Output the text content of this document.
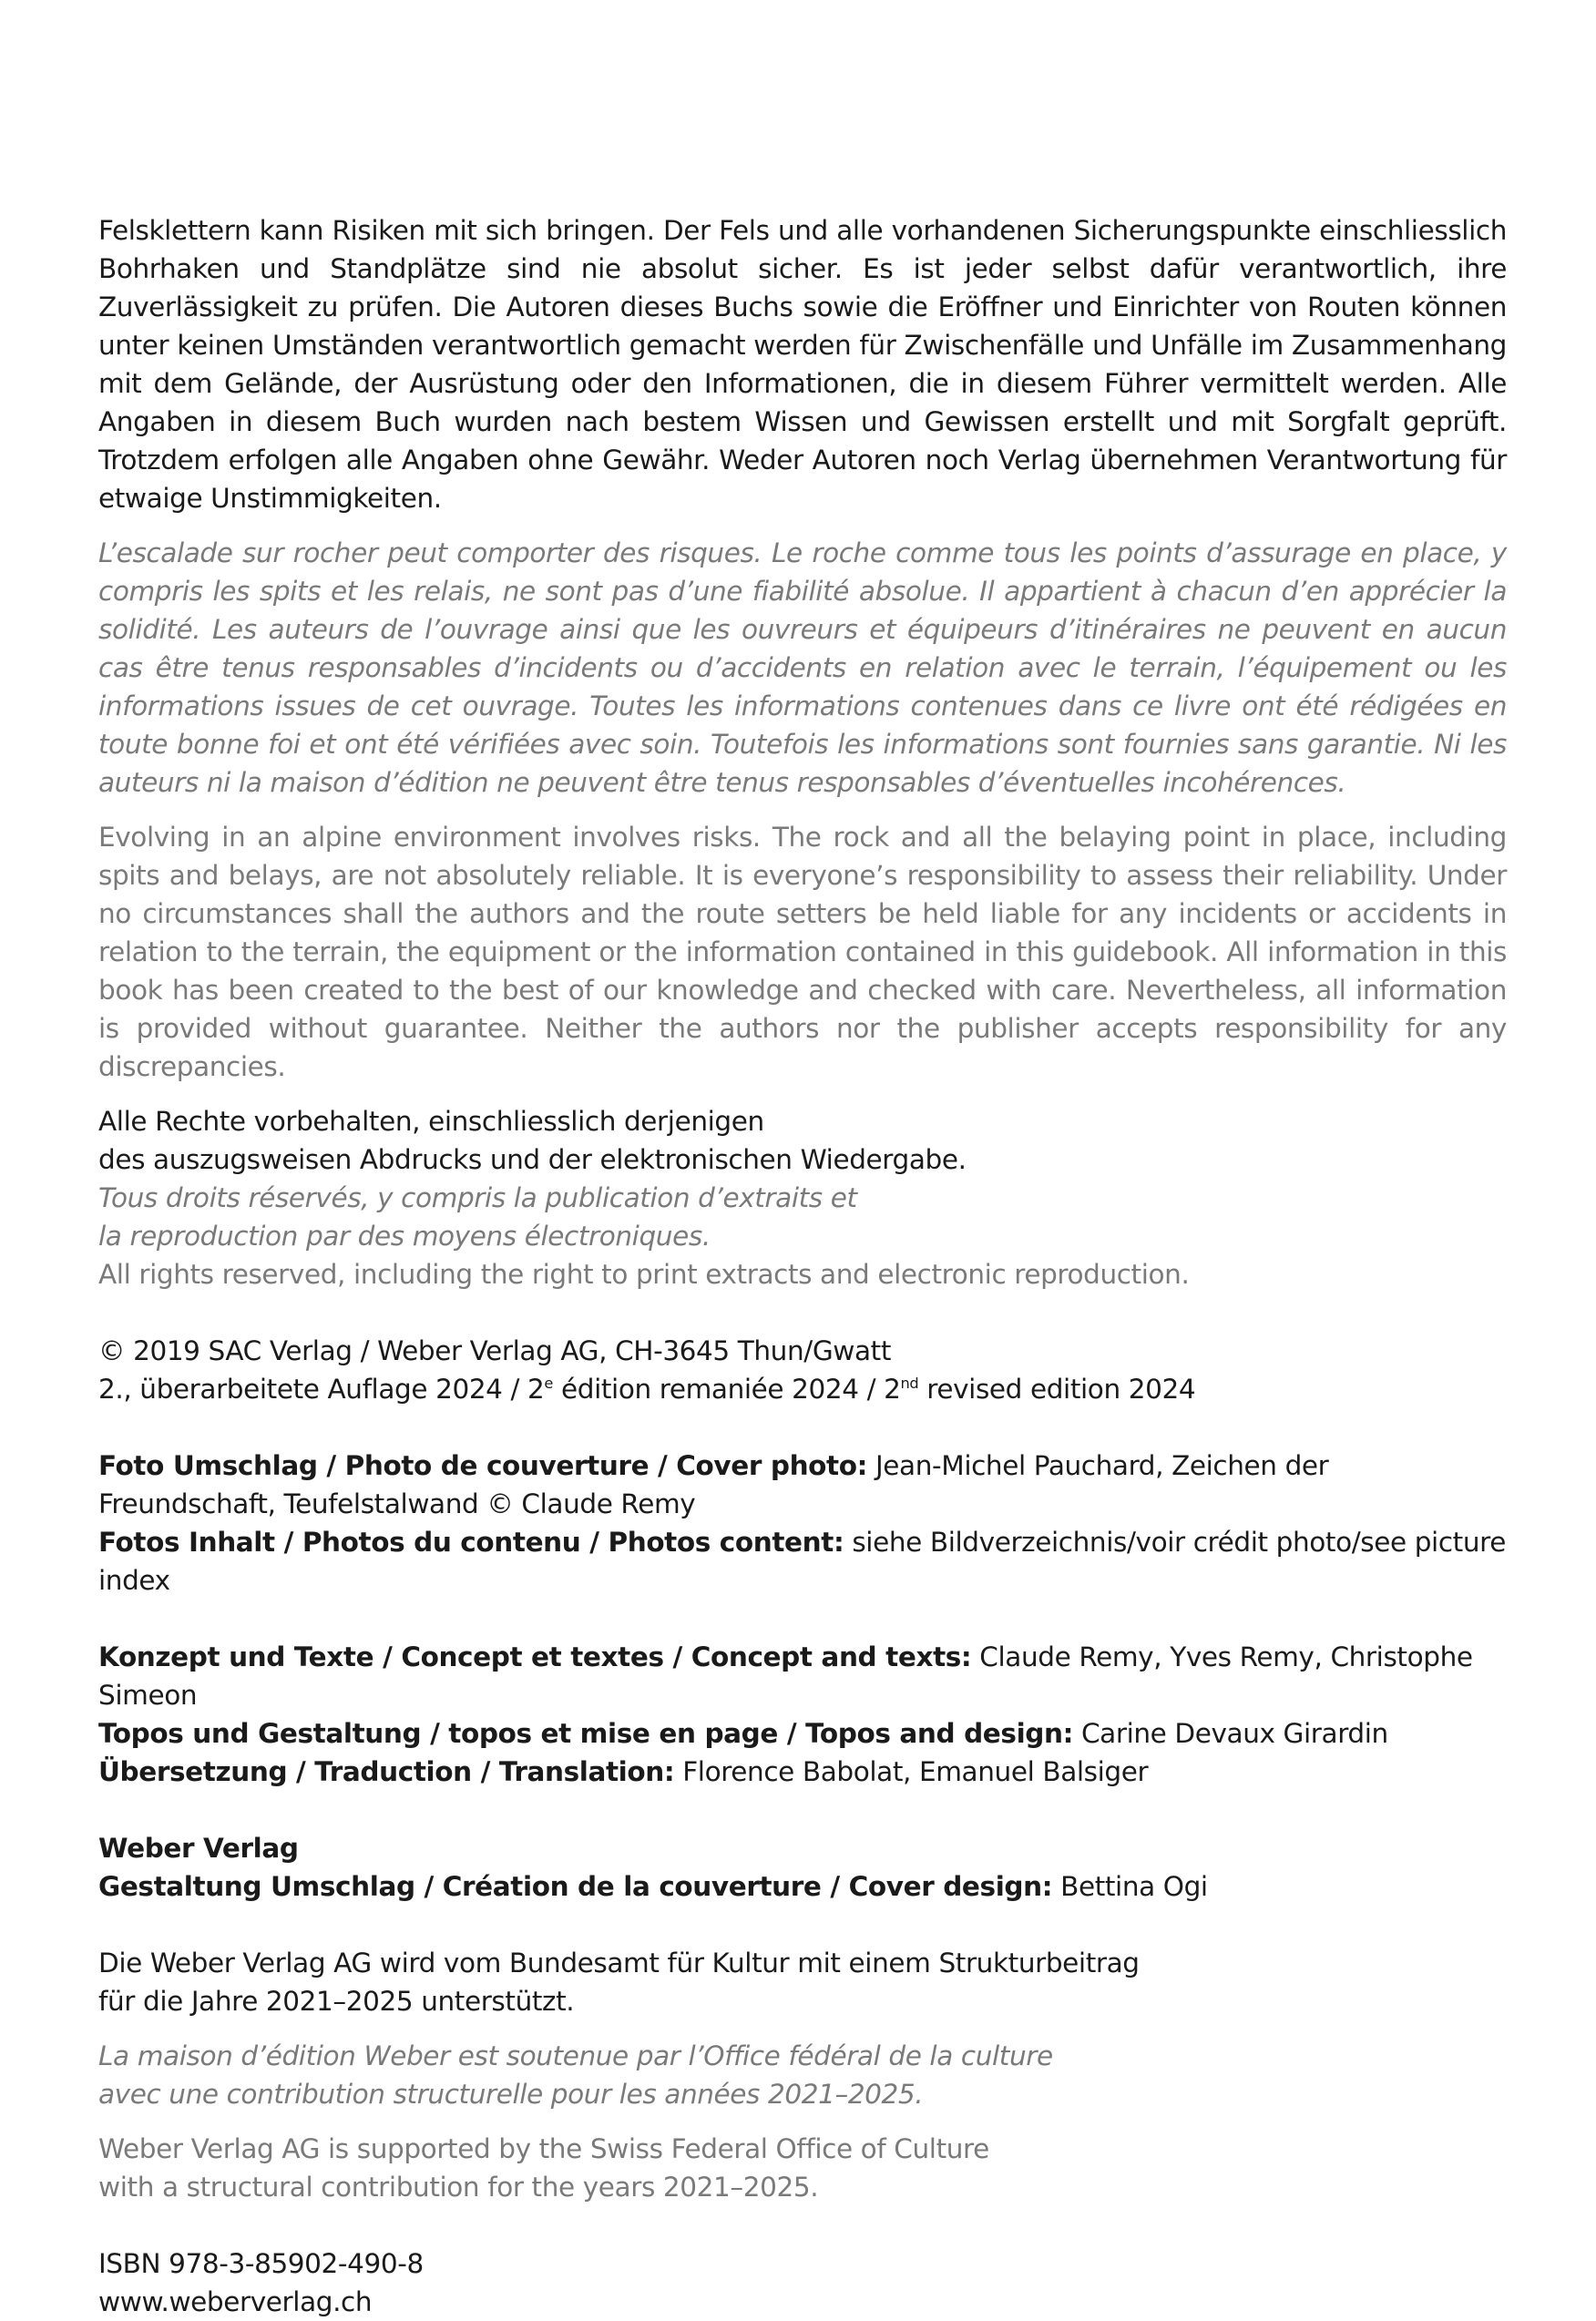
Felsklettern kann Risiken mit sich bringen. Der Fels und alle vorhandenen Sicherungspunkte einschliesslich Bohrhaken und Standplätze sind nie absolut sicher. Es ist jeder selbst dafür verantwortlich, ihre Zuverlässigkeit zu prüfen. Die Autoren dieses Buchs sowie die Eröffner und Einrichter von Routen können unter keinen Umständen verantwortlich gemacht werden für Zwischenfälle und Unfälle im Zusammenhang mit dem Gelände, der Ausrüstung oder den Informationen, die in diesem Führer vermittelt werden. Alle Angaben in diesem Buch wurden nach bestem Wissen und Gewissen erstellt und mit Sorgfalt geprüft. Trotzdem erfolgen alle Angaben ohne Gewähr. Weder Autoren noch Verlag übernehmen Verantwortung für etwaige Unstimmigkeiten.

L’escalade sur rocher peut comporter des risques. Le roche comme tous les points d’assurage en place, y compris les spits et les relais, ne sont pas d’une fiabilité absolue. Il appartient à chacun d’en apprécier la solidité. Les auteurs de l’ouvrage ainsi que les ouvreurs et équipeurs d’itinéraires ne peuvent en aucun cas être tenus responsables d’incidents ou d’accidents en relation avec le terrain, l’équipement ou les informations issues de cet ouvrage. Toutes les informations contenues dans ce livre ont été rédigées en toute bonne foi et ont été vérifiées avec soin. Toutefois les informations sont fournies sans garantie. Ni les auteurs ni la maison d’édition ne peuvent être tenus responsables d’éventuelles incohérences.

Evolving in an alpine environment involves risks. The rock and all the belaying point in place, including spits and belays, are not absolutely reliable. It is everyone’s responsibility to assess their reliability. Under no circumstances shall the authors and the route setters be held liable for any incidents or accidents in relation to the terrain, the equipment or the information contained in this guidebook. All information in this book has been created to the best of our knowledge and checked with care. Nevertheless, all information is provided without guarantee. Neither the authors nor the publisher accepts responsibility for any discrepancies.

Alle Rechte vorbehalten, einschliesslich derjenigen

des auszugsweisen Abdrucks und der elektronischen Wiedergabe.

Tous droits réservés, y compris la publication d’extraits et

la reproduction par des moyens électroniques.

All rights reserved, including the right to print extracts and electronic reproduction.

© 2019 SAC Verlag / Weber Verlag AG, CH-3645 Thun/Gwatt

2., überarbeitete Auflage 2024 / 2e édition remaniée 2024 / 2nd revised edition 2024

Foto Umschlag / Photo de couverture / Cover photo: Jean-Michel Pauchard, Zeichen der Freundschaft, Teufelstalwand © Claude Remy

Fotos Inhalt / Photos du contenu / Photos content: siehe Bildverzeichnis/voir crédit photo/see picture index

Konzept und Texte / Concept et textes / Concept and texts: Claude Remy, Yves Remy, Christophe Simeon

Topos und Gestaltung / topos et mise en page / Topos and design: Carine Devaux Girardin

Übersetzung / Traduction / Translation: Florence Babolat, Emanuel Balsiger

Weber Verlag

Gestaltung Umschlag / Création de la couverture / Cover design: Bettina Ogi

Die Weber Verlag AG wird vom Bundesamt für Kultur mit einem Strukturbeitrag

für die Jahre 2021–2025 unterstützt.

La maison d’édition Weber est soutenue par l’Office fédéral de la culture

avec une contribution structurelle pour les années 2021–2025.

Weber Verlag AG is supported by the Swiss Federal Office of Culture

with a structural contribution for the years 2021–2025.

ISBN 978-3-85902-490-8

www.weberverlag.ch
